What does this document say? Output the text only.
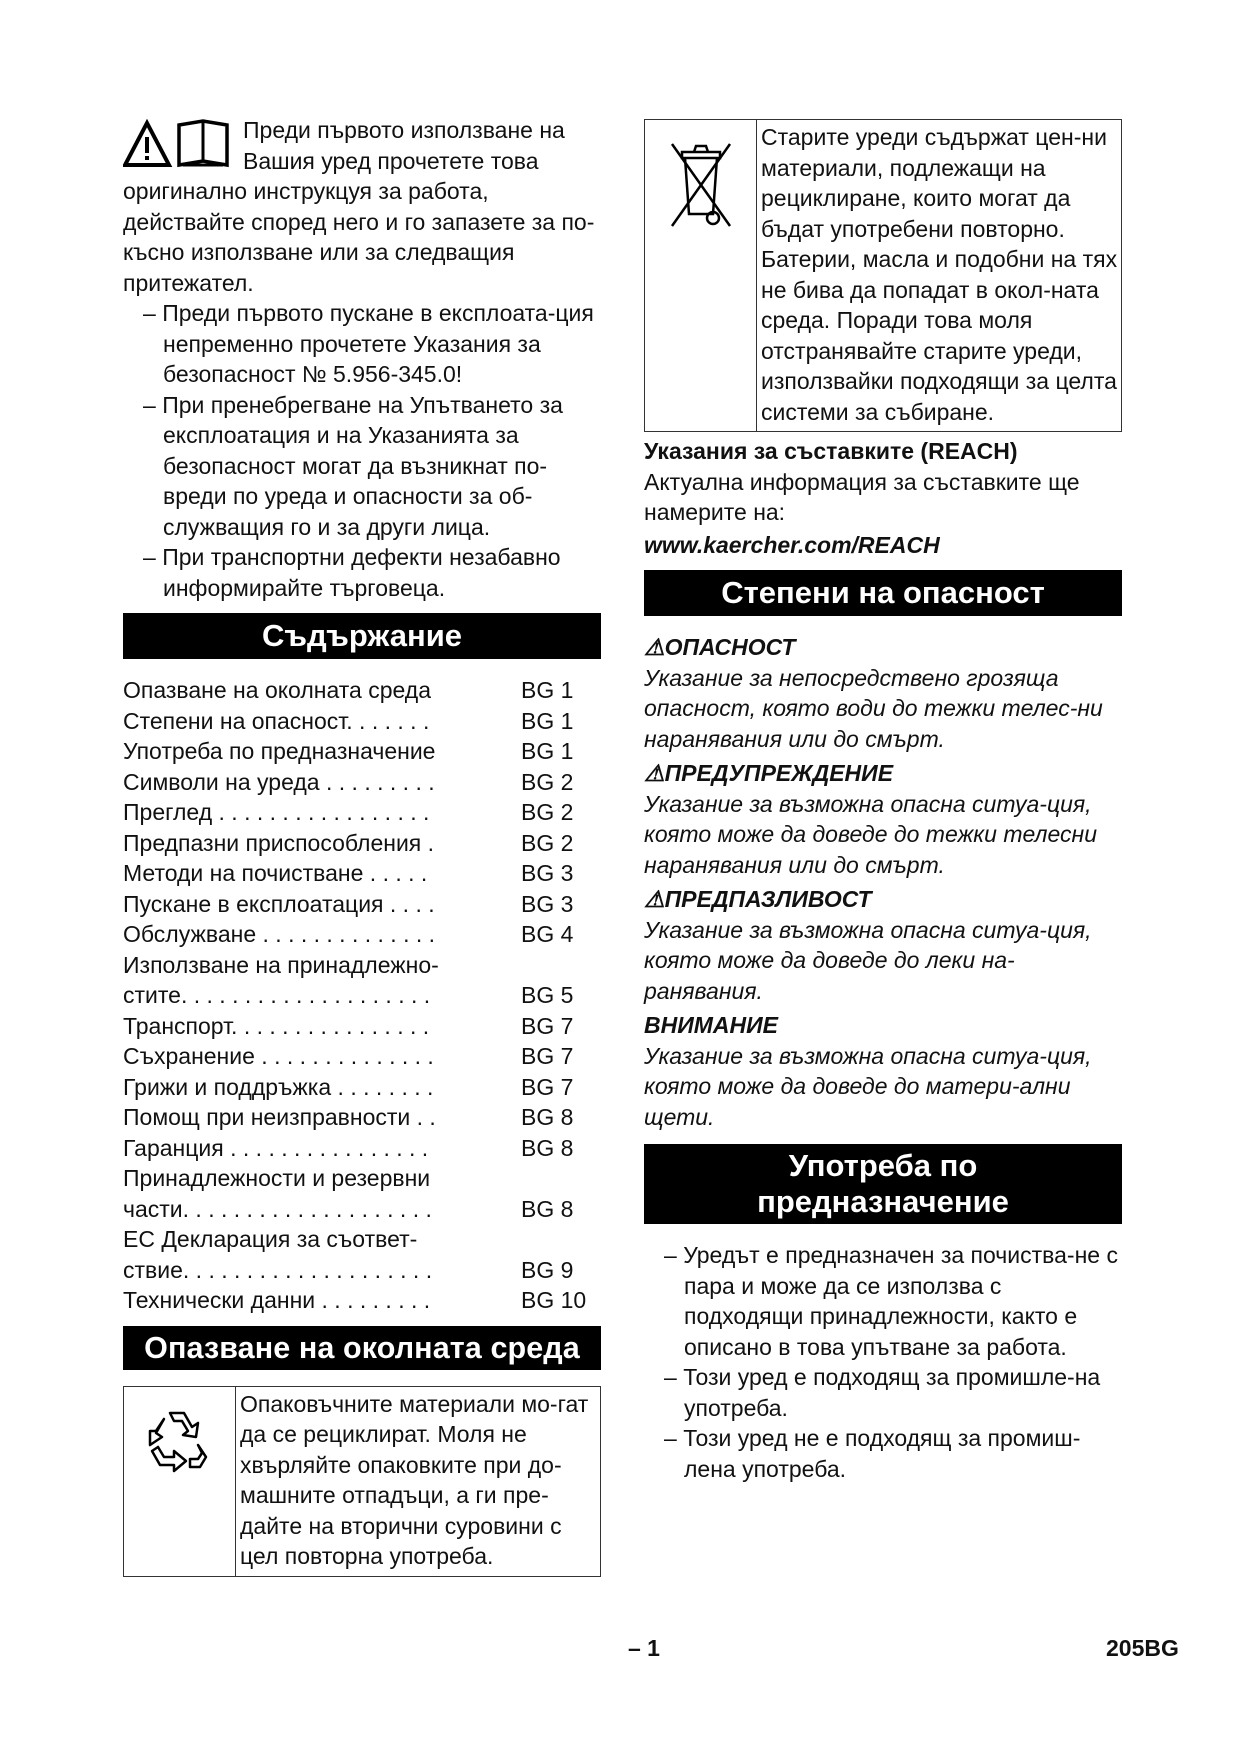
Преди първото използване на
Вашия уред прочетете това

оригинално инструкцуя за работа, действайте според него и го запазете за по-късно използване или за следващия притежател.

– Преди първото пускане в експлоата-ция непременно прочетете Указания за безопасност № 5.956-345.0!

– При пренебрегване на Упътването за експлоатация и на Указанията за безопасност могат да възникнат по-вреди по уреда и опасности за об-служващия го и за други лица.

– При транспортни дефекти незабавно информирайте търговеца.

Съдържание
Опазване на околната среда	BG 1
Степени на опасност. . . . . . .	BG 1
Употреба по предназначение	BG 1
Символи на уреда . . . . . . . . .	BG 2
Преглед . . . . . . . . . . . . . . . . .	BG 2
Предпазни приспособления .	BG 2
Методи на почистване . . . . .	BG 3
Пускане в експлоатация . . . .	BG 3
Обслужване . . . . . . . . . . . . . .	BG 4
Използване на принадлежно-
стите. . . . . . . . . . . . . . . . . . . .	BG 5
Транспорт. . . . . . . . . . . . . . . .	BG 7
Съхранение . . . . . . . . . . . . . .	BG 7
Грижи и поддръжка . . . . . . . .	BG 7
Помощ при неизправности . .	BG 8
Гаранция . . . . . . . . . . . . . . . .	BG 8
Принадлежности и резервни
части. . . . . . . . . . . . . . . . . . . .	BG 8
ЕС Декларация за съответ-
ствие. . . . . . . . . . . . . . . . . . . .	BG 9
Технически данни . . . . . . . . .	BG 10
Опазване на околната среда
	Опаковъчните материали мо-гат да се рециклират. Моля не хвърляйте опаковките при до-машните отпадъци, а ги пре-дайте на вторични суровини с цел повторна употреба.
	Старите уреди съдържат цен-ни материали, подлежащи на рециклиране, които могат да бъдат употребени повторно. Батерии, масла и подобни на тях не бива да попадат в окол-ната среда. Поради това моля отстранявайте старите уреди, използвайки подходящи за целта системи за събиране.
Указания за съставките (REACH)
Актуална информация за съставките ще намерите на:
www.kaercher.com/REACH
Степени на опасност
⚠ОПАСНОСТ
Указание за непосредствено грозяща опасност, която води до тежки телес-ни наранявания или до смърт.
⚠ПРЕДУПРЕЖДЕНИЕ
Указание за възможна опасна ситуа-ция, която може да доведе до тежки телесни наранявания или до смърт.
⚠ПРЕДПАЗЛИВОСТ
Указание за възможна опасна ситуа-ция, която може да доведе до леки на-ранявания.
ВНИМАНИЕ
Указание за възможна опасна ситуа-ция, която може да доведе до матери-ални щети.
Употреба по
предназначение

– Уредът е предназначен за почиства-не с пара и може да се използва с подходящи принадлежности, както е описано в това упътване за работа.

– Този уред е подходящ за промишле-на употреба.

– Този уред не е подходящ за промиш-лена употреба.

– 1	205BG
